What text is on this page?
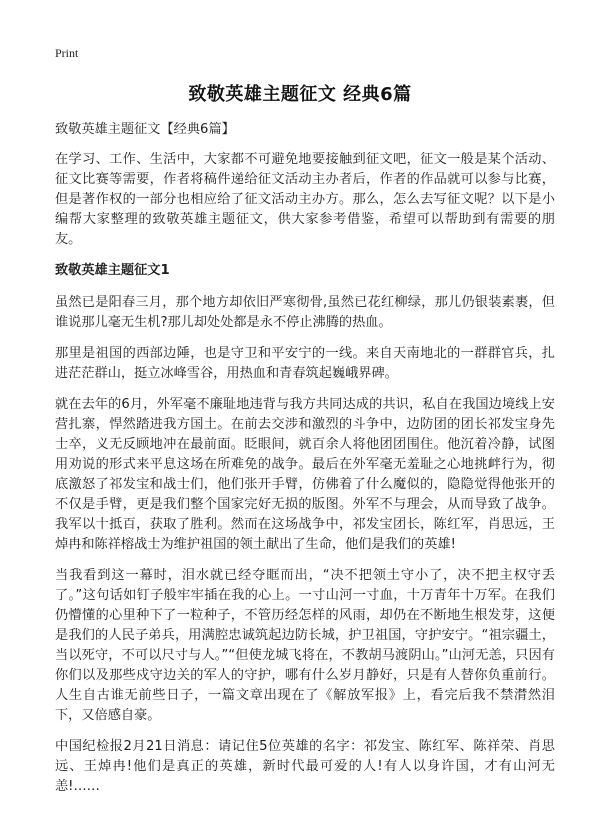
Print
致敬英雄主题征文 经典6篇

致敬英雄主题征文【经典6篇】

在学习、工作、生活中，大家都不可避免地要接触到征文吧，征文一般是某个活动、征文比赛等需要，作者将稿件递给征文活动主办者后，作者的作品就可以参与比赛，但是著作权的一部分也相应给了征文活动主办方。那么，怎么去写征文呢？以下是小编帮大家整理的致敬英雄主题征文，供大家参考借鉴，希望可以帮助到有需要的朋友。

致敬英雄主题征文1

虽然已是阳春三月，那个地方却依旧严寒彻骨,虽然已花红柳绿，那儿仍银装素裹，但谁说那儿毫无生机?那儿却处处都是永不停止沸腾的热血。

那里是祖国的西部边陲，也是守卫和平安宁的一线。来自天南地北的一群群官兵，扎进茫茫群山，挺立冰峰雪谷，用热血和青春筑起巍峨界碑。

就在去年的6月，外军毫不廉耻地违背与我方共同达成的共识，私自在我国边境线上安营扎寨，悍然踏进我方国土。在前去交涉和激烈的斗争中，边防团的团长祁发宝身先士卒，义无反顾地冲在最前面。眨眼间，就百余人将他团团围住。他沉着冷静，试图用劝说的形式来平息这场在所难免的战争。最后在外军毫无羞耻之心地挑衅行为，彻底激怒了祁发宝和战士们，他们张开手臂，仿佛着了什么魔似的，隐隐觉得他张开的不仅是手臂，更是我们整个国家完好无损的版图。外军不与理会，从而导致了战争。我军以十抵百，获取了胜利。然而在这场战争中，祁发宝团长，陈红军，肖思远，王焯冉和陈祥榕战士为维护祖国的领土献出了生命，他们是我们的英雄!

当我看到这一幕时，泪水就已经夺眶而出，“决不把领土守小了，决不把主权守丢了。”这句话如钉子般牢牢插在我的心上。一寸山河一寸血，十万青年十万军。在我们仍懵懂的心里种下了一粒种子，不管历经怎样的风雨，却仍在不断地生根发芽，这便是我们的人民子弟兵，用满腔忠诚筑起边防长城，护卫祖国，守护安宁。“祖宗疆土，当以死守，不可以尺寸与人。”“但使龙城飞将在，不教胡马渡阴山。”山河无恙，只因有你们以及那些戍守边关的军人的守护，哪有什么岁月静好，只是有人替你负重前行。人生自古谁无前些日子，一篇文章出现在了《解放军报》上，看完后我不禁潸然泪下，又倍感自豪。

中国纪检报2月21日消息：请记住5位英雄的名字：祁发宝、陈红军、陈祥荣、肖思远、王焯冉!他们是真正的英雄，新时代最可爱的人!有人以身许国，才有山河无恙!……
